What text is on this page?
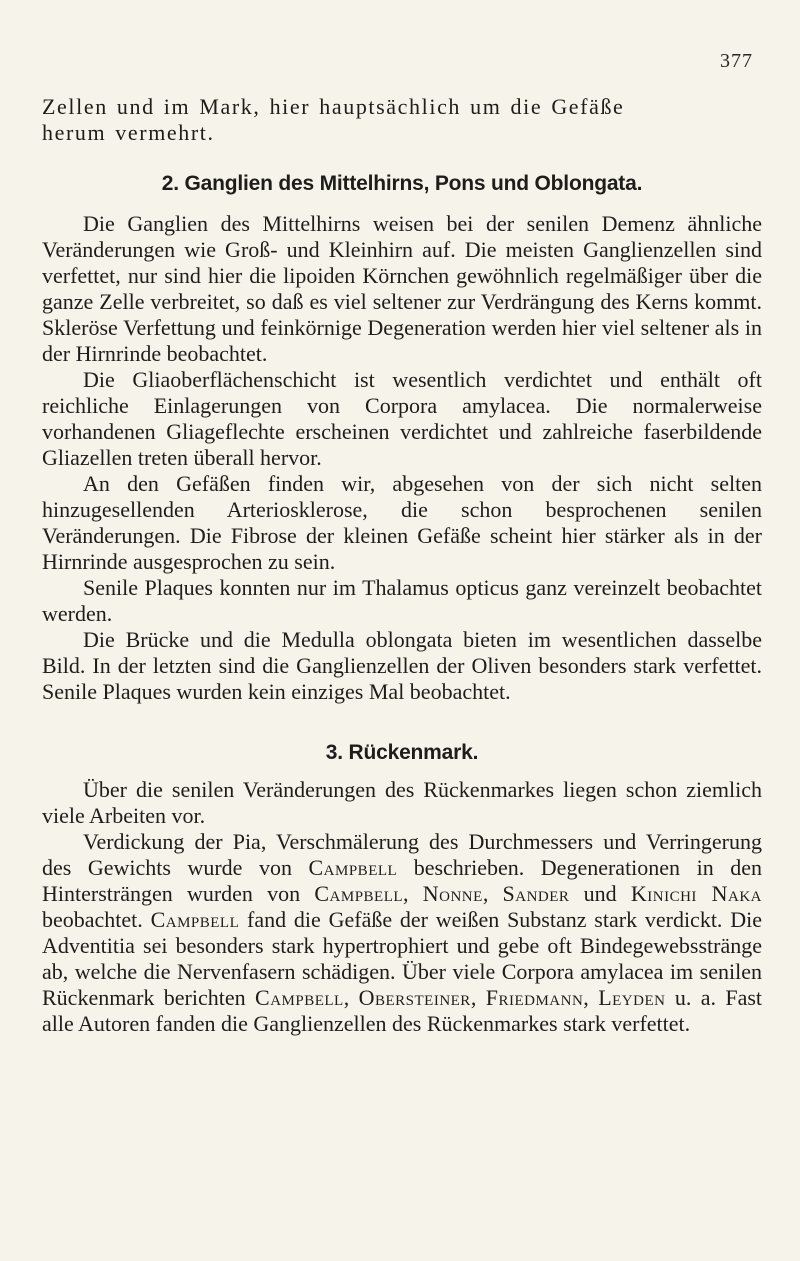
377
Zellen und im Mark, hier hauptsächlich um die Gefäße
herum vermehrt.
2. Ganglien des Mittelhirns, Pons und Oblongata.

Die Ganglien des Mittelhirns weisen bei der senilen Demenz ähnliche Veränderungen wie Groß- und Kleinhirn auf. Die meisten Ganglienzellen sind verfettet, nur sind hier die lipoiden Körnchen gewöhnlich regelmäßiger über die ganze Zelle verbreitet, so daß es viel seltener zur Verdrängung des Kerns kommt. Skleröse Verfettung und feinkörnige Degeneration werden hier viel seltener als in der Hirnrinde beobachtet.

Die Gliaoberflächenschicht ist wesentlich verdichtet und enthält oft reichliche Einlagerungen von Corpora amylacea. Die normalerweise vorhandenen Gliageflechte erscheinen verdichtet und zahlreiche faserbildende Gliazellen treten überall hervor.

An den Gefäßen finden wir, abgesehen von der sich nicht selten hinzugesellenden Arteriosklerose, die schon besprochenen senilen Veränderungen. Die Fibrose der kleinen Gefäße scheint hier stärker als in der Hirnrinde ausgesprochen zu sein.

Senile Plaques konnten nur im Thalamus opticus ganz vereinzelt beobachtet werden.

Die Brücke und die Medulla oblongata bieten im wesentlichen dasselbe Bild. In der letzten sind die Ganglienzellen der Oliven besonders stark verfettet. Senile Plaques wurden kein einziges Mal beobachtet.

3. Rückenmark.

Über die senilen Veränderungen des Rückenmarkes liegen schon ziemlich viele Arbeiten vor.

Verdickung der Pia, Verschmälerung des Durchmessers und Verringerung des Gewichts wurde von Campbell beschrieben. Degenerationen in den Hintersträngen wurden von Campbell, Nonne, Sander und Kinichi Naka beobachtet. Campbell fand die Gefäße der weißen Substanz stark verdickt. Die Adventitia sei besonders stark hypertrophiert und gebe oft Bindegewebsstränge ab, welche die Nervenfasern schädigen. Über viele Corpora amylacea im senilen Rückenmark berichten Campbell, Obersteiner, Friedmann, Leyden u. a. Fast alle Autoren fanden die Ganglienzellen des Rückenmarkes stark verfettet.
